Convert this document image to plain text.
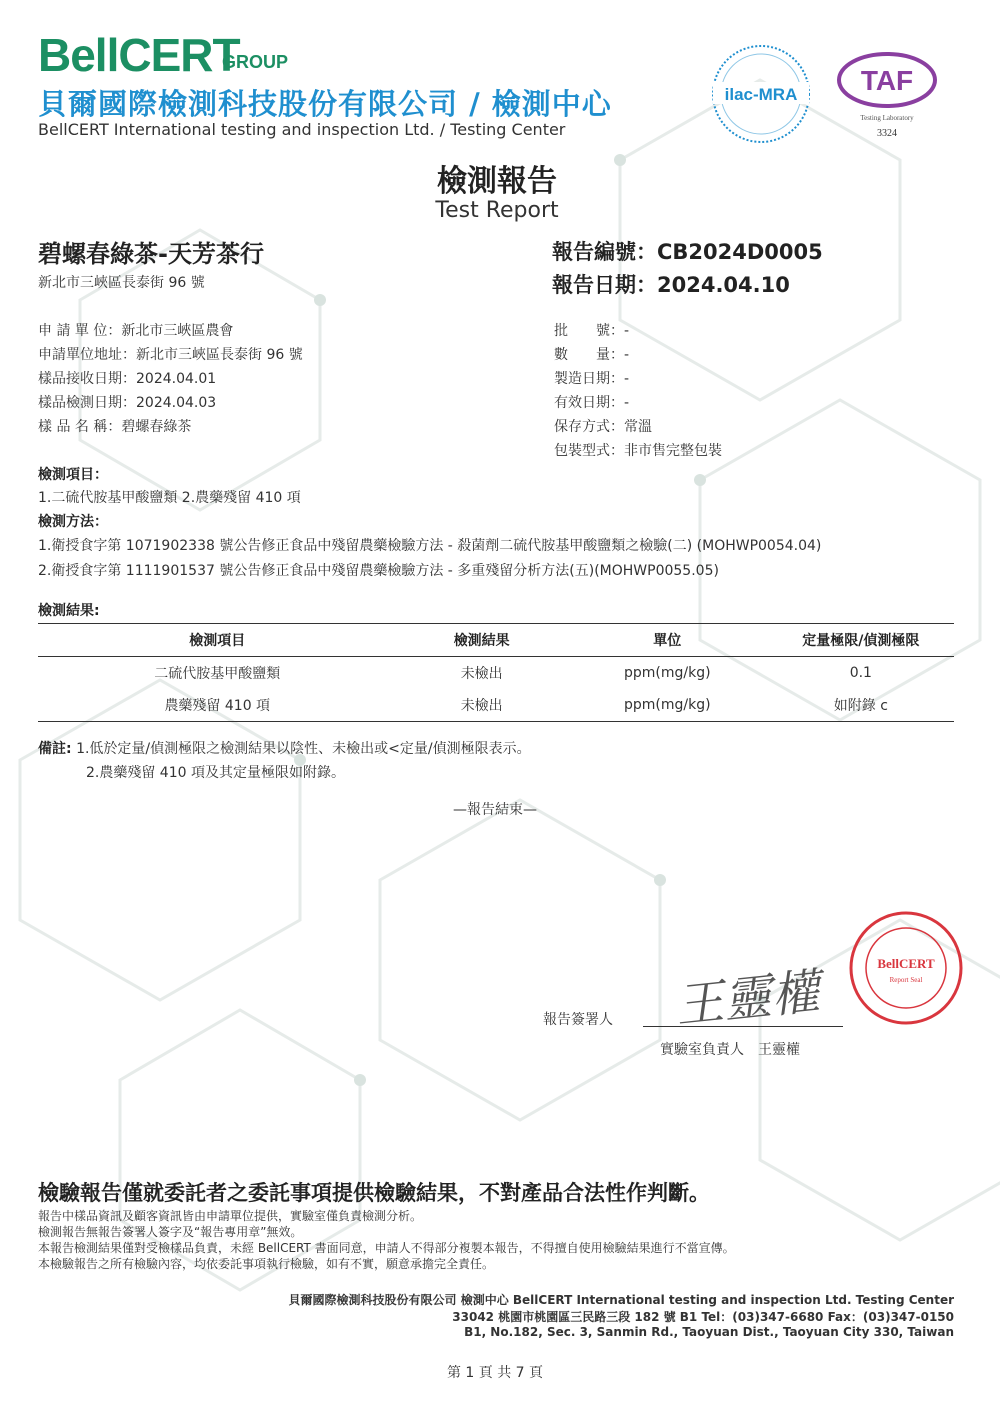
BellCERT
GROUP
貝爾國際檢測科技股份有限公司 / 檢測中心
BellCERT International testing and inspection Ltd. / Testing Center
ilac-MRA TAF
Testing Laboratory
3324
檢測報告
Test Report
碧螺春綠茶-天芳茶行
新北市三峽區長泰街 96 號
報告編號：CB2024D0005
報告日期：2024.04.10
申 請 單 位：新北市三峽區農會
申請單位地址：新北市三峽區長泰街 96 號
樣品接收日期：2024.04.01
樣品檢測日期：2024.04.03
樣 品 名 稱：碧螺春綠茶
批　　號：-
數　　量：-
製造日期：-
有效日期：-
保存方式：常溫
包裝型式：非市售完整包裝
檢測項目：
1.二硫代胺基甲酸鹽類 2.農藥殘留 410 項
檢測方法：
1.衛授食字第 1071902338 號公告修正食品中殘留農藥檢驗方法 - 殺菌劑二硫代胺基甲酸鹽類之檢驗(二) (MOHWP0054.04)
2.衛授食字第 1111901537 號公告修正食品中殘留農藥檢驗方法 - 多重殘留分析方法(五)(MOHWP0055.05)
檢測結果:
檢測項目	檢測結果	單位	定量極限/偵測極限
二硫代胺基甲酸鹽類	未檢出	ppm(mg/kg)	0.1
農藥殘留 410 項	未檢出	ppm(mg/kg)	如附錄 c
備註: 1.低於定量/偵測極限之檢測結果以陰性、未檢出或<定量/偵測極限表示。
2.農藥殘留 410 項及其定量極限如附錄。
—報告結束—
BellCERT
Report Seal
王靈權
報告簽署人
實驗室負責人　王靈權
檢驗報告僅就委託者之委託事項提供檢驗結果，不對產品合法性作判斷。
報告中樣品資訊及顧客資訊皆由申請單位提供，實驗室僅負責檢測分析。
檢測報告無報告簽署人簽字及“報告專用章”無效。
本報告檢測結果僅對受檢樣品負責，未經 BellCERT 書面同意，申請人不得部分複製本報告，不得擅自使用檢驗結果進行不當宣傳。
本檢驗報告之所有檢驗內容，均依委託事項執行檢驗，如有不實，願意承擔完全責任。
貝爾國際檢測科技股份有限公司 檢測中心 BellCERT International testing and inspection Ltd. Testing Center
33042 桃園市桃園區三民路三段 182 號 B1 Tel：(03)347-6680 Fax：(03)347-0150
B1, No.182, Sec. 3, Sanmin Rd., Taoyuan Dist., Taoyuan City 330, Taiwan
第 1 頁 共 7 頁
